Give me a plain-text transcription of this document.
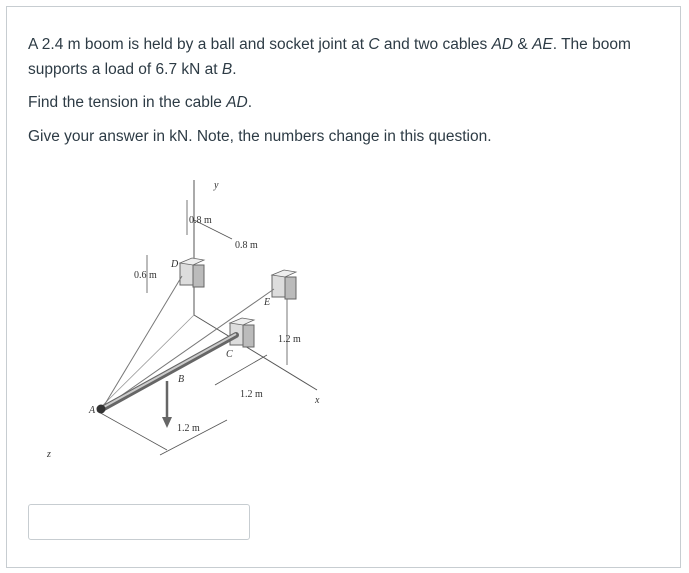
A 2.4 m boom is held by a ball and socket joint at C and two cables AD & AE. The boom supports a load of 6.7 kN at B.

Find the tension in the cable AD.

Give your answer in kN. Note, the numbers change in this question.

y
x
z
A
B
C
D
E
0.8 m
0.8 m
0.6 m
1.2 m
1.2 m
1.2 m
